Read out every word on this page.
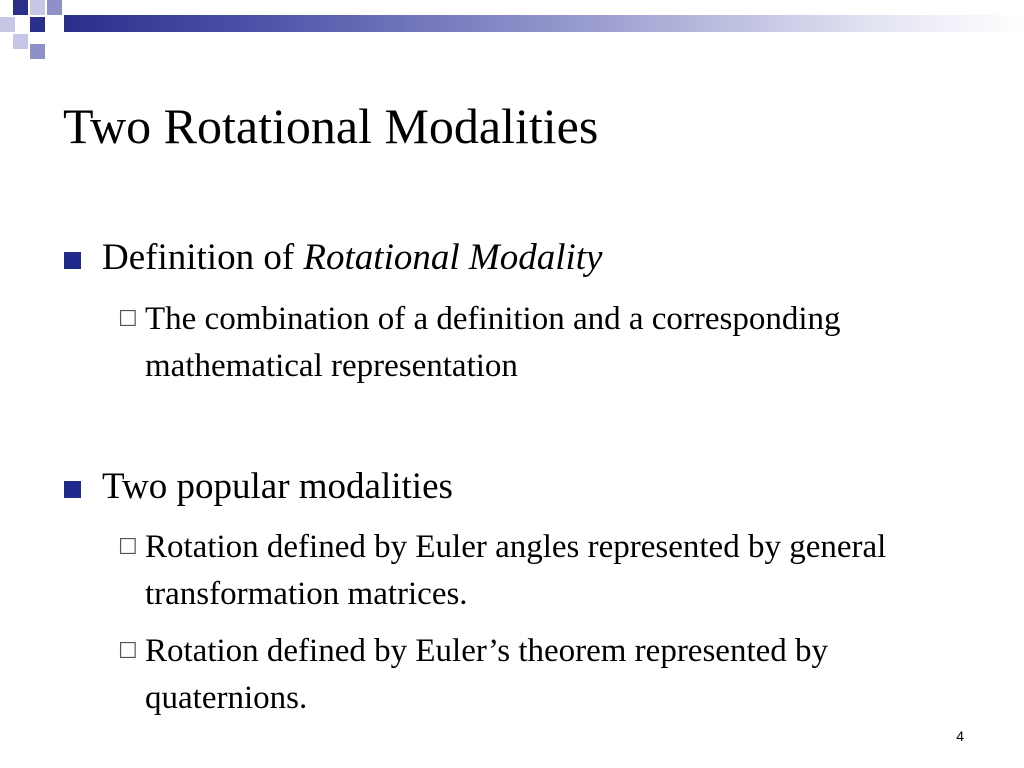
Two Rotational Modalities
Definition of Rotational Modality
☐ The combination of a definition and a corresponding mathematical representation
Two popular modalities
☐ Rotation defined by Euler angles represented by general transformation matrices.
☐ Rotation defined by Euler’s theorem represented by quaternions.
4
